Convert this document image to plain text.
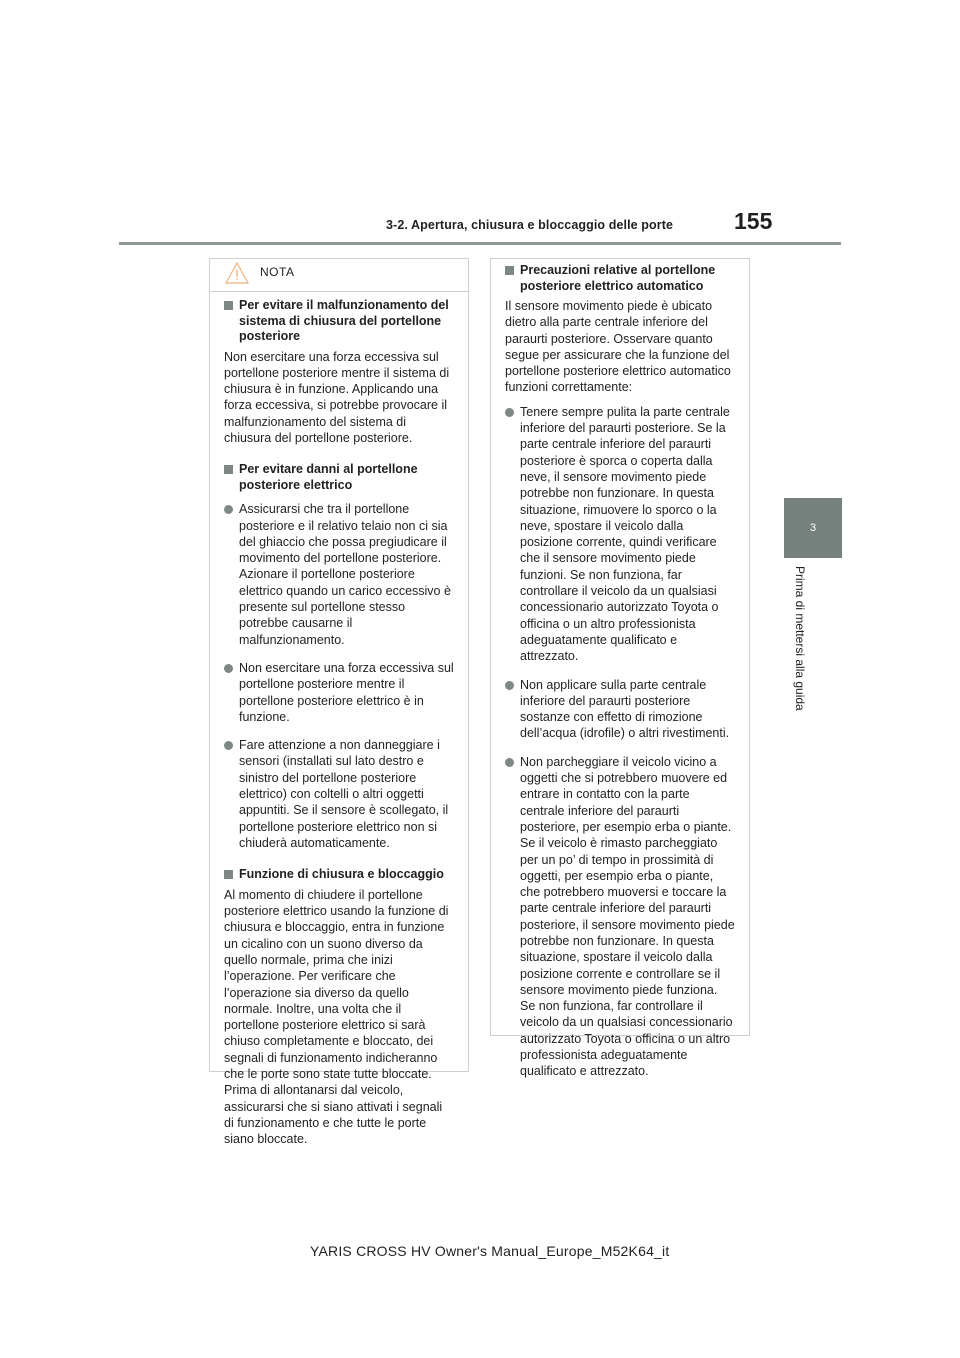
3-2. Apertura, chiusura e bloccaggio delle porte	155
3
Prima di mettersi alla guida
NOTA
Per evitare il malfunzionamento del sistema di chiusura del portellone posteriore
Non esercitare una forza eccessiva sul portellone posteriore mentre il sistema di chiusura è in funzione. Applicando una forza eccessiva, si potrebbe provocare il malfunzionamento del sistema di chiusura del portellone posteriore.
Per evitare danni al portellone posteriore elettrico
Assicurarsi che tra il portellone posteriore e il relativo telaio non ci sia del ghiaccio che possa pregiudicare il movimento del portellone posteriore. Azionare il portellone posteriore elettrico quando un carico eccessivo è presente sul portellone stesso potrebbe causarne il malfunzionamento.
Non esercitare una forza eccessiva sul portellone posteriore mentre il portellone posteriore elettrico è in funzione.
Fare attenzione a non danneggiare i sensori (installati sul lato destro e sinistro del portellone posteriore elettrico) con coltelli o altri oggetti appuntiti. Se il sensore è scollegato, il portellone posteriore elettrico non si chiuderà automaticamente.
Funzione di chiusura e bloccaggio
Al momento di chiudere il portellone posteriore elettrico usando la funzione di chiusura e bloccaggio, entra in funzione un cicalino con un suono diverso da quello normale, prima che inizi l’operazione. Per verificare che l’operazione sia diverso da quello normale. Inoltre, una volta che il portellone posteriore elettrico si sarà chiuso completamente e bloccato, dei segnali di funzionamento indicheranno che le porte sono state tutte bloccate. Prima di allontanarsi dal veicolo, assicurarsi che si siano attivati i segnali di funzionamento e che tutte le porte siano bloccate.
Precauzioni relative al portellone posteriore elettrico automatico
Il sensore movimento piede è ubicato dietro alla parte centrale inferiore del paraurti posteriore. Osservare quanto segue per assicurare che la funzione del portellone posteriore elettrico automatico funzioni correttamente:
Tenere sempre pulita la parte centrale inferiore del paraurti posteriore. Se la parte centrale inferiore del paraurti posteriore è sporca o coperta dalla neve, il sensore movimento piede potrebbe non funzionare. In questa situazione, rimuovere lo sporco o la neve, spostare il veicolo dalla posizione corrente, quindi verificare che il sensore movimento piede funzioni. Se non funziona, far controllare il veicolo da un qualsiasi concessionario autorizzato Toyota o officina o un altro professionista adeguatamente qualificato e attrezzato.
Non applicare sulla parte centrale inferiore del paraurti posteriore sostanze con effetto di rimozione dell’acqua (idrofile) o altri rivestimenti.
Non parcheggiare il veicolo vicino a oggetti che si potrebbero muovere ed entrare in contatto con la parte centrale inferiore del paraurti posteriore, per esempio erba o piante. Se il veicolo è rimasto parcheggiato per un po’ di tempo in prossimità di oggetti, per esempio erba o piante, che potrebbero muoversi e toccare la parte centrale inferiore del paraurti posteriore, il sensore movimento piede potrebbe non funzionare. In questa situazione, spostare il veicolo dalla posizione corrente e controllare se il sensore movimento piede funziona. Se non funziona, far controllare il veicolo da un qualsiasi concessionario autorizzato Toyota o officina o un altro professionista adeguatamente qualificato e attrezzato.
YARIS CROSS HV Owner's Manual_Europe_M52K64_it
